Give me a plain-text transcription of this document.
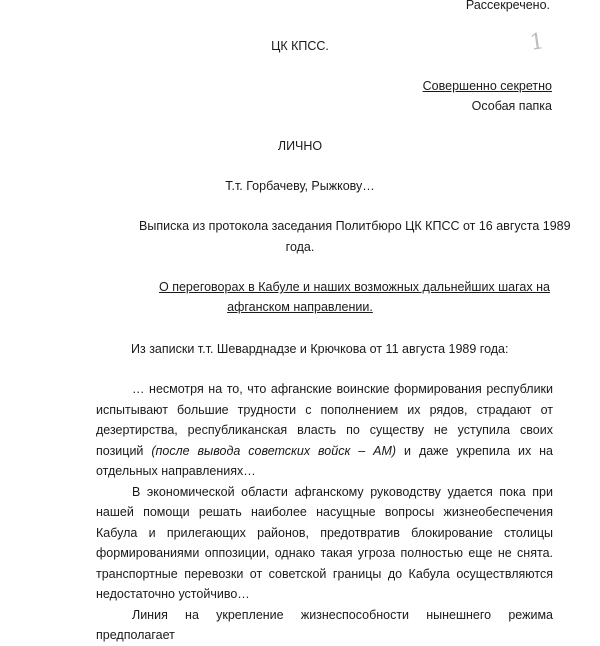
Рассекречено.
1
ЦК КПСС.
Совершенно секретно
Особая папка
ЛИЧНО
Т.т. Горбачеву, Рыжкову…
Выписка из протокола заседания Политбюро ЦК КПСС от 16 августа 1989
года.
О переговорах в Кабуле и наших возможных дальнейших шагах на
афганском направлении.
Из записки т.т. Шеварднадзе и Крючкова от 11 августа 1989 года:

… несмотря на то, что афганские воинские формирования республики испытывают большие трудности с пополнением их рядов, страдают от дезертирства, республиканская власть по существу не уступила своих позиций (после вывода советских войск – АМ) и даже укрепила их на отдельных направлениях…

В экономической области афганскому руководству удается пока при нашей помощи решать наиболее насущные вопросы жизнеобеспечения Кабула и прилегающих районов, предотвратив блокирование столицы формированиями оппозиции, однако такая угроза полностью еще не снята. транспортные перевозки от советской границы до Кабула осуществляются недостаточно устойчиво…

Линия на укрепление жизнеспособности нынешнего режима предполагает
